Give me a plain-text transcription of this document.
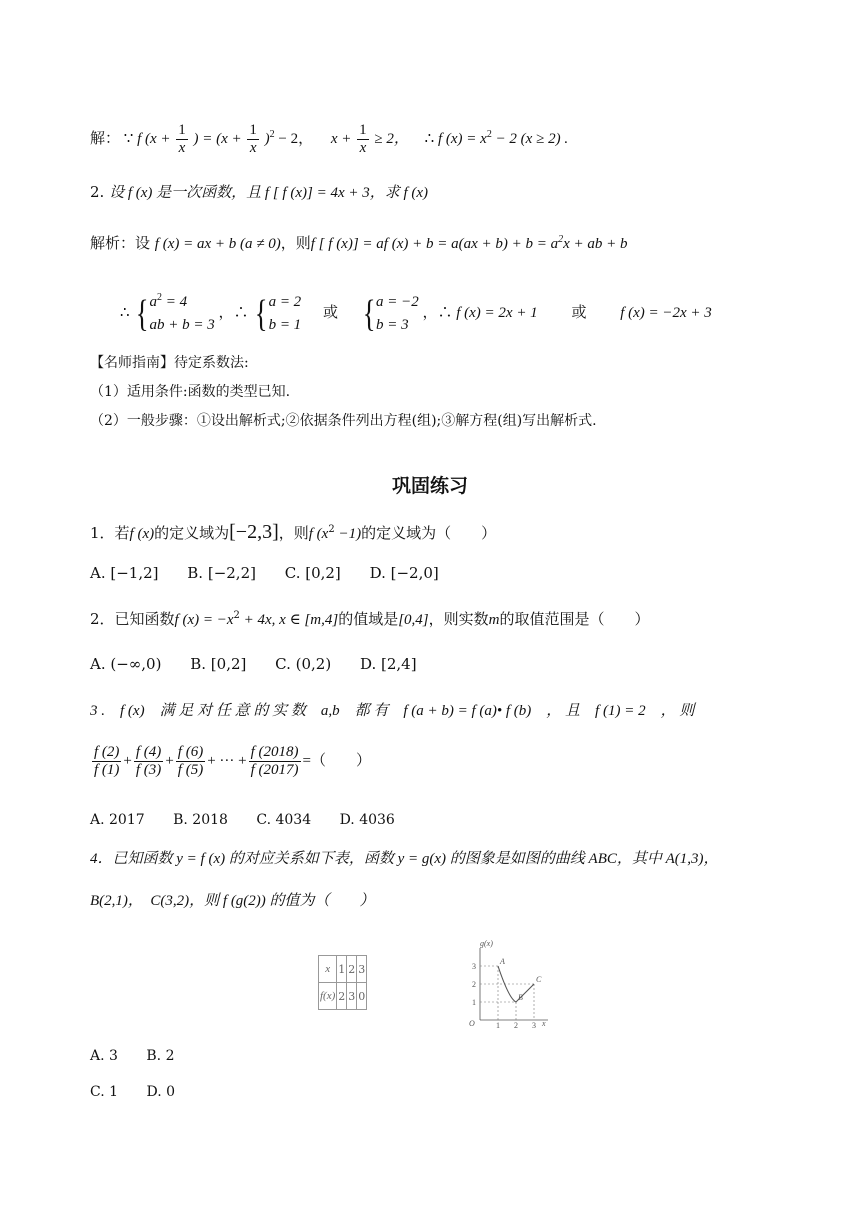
解： ∵ f ($x + \frac{1}{x}$ ) = $(x + \frac{1}{x} )^2 - 2$， $x + \frac{1}{x} \ge 2$， ∴ f $(x) = x^2 - 2$ (x ≥ 2) .
2. 设 f (x) 是一次函数，且 f [ f (x)] = 4x + 3，求 f (x)
解析：设 f (x) = ax + b (a ≠ 0)，则f [ f (x)] = af $(x) + b = a(ax + b) + b = a^2x$ + ab + b
∴ { $a^2 = 4$
ab + b = 3
，∴ { a = 2
b = 1
或 { a = −2
b = 3
，∴ f (x) = 2x + 1 或 f (x) = −2x + 3
【名师指南】待定系数法:
（1）适用条件:函数的类型已知.
（2）一般步骤：①设出解析式;②依据条件列出方程(组);③解方程(组)写出解析式.
巩固练习
1．若f (x)的定义域为[−2,3]，则f $(x^2 -1)$的定义域为（　　）
A. [−1,2] B. [−2,2] C. [0,2] D. [−2,0]
2．已知函数f $(x) = -x^2 + 4x$, x ∈ [m,4]的值域是[0,4]，则实数m的取值范围是（　　）
A. (−∞,0) B. [0,2] C. (0,2) D. [2,4]
3 .　f (x)　满 足 对 任 意 的 实 数　a,b　都 有　f (a + b) = f (a)• f (b)　， 且　f (1) = 2　， 则
$\frac{f (2)}{f (1)} + \frac{f (4)}{f (3)} + \frac{f (6)}{f (5)}$ + ··· + $\frac{f (2018)}{f (2017)}$ =（　　）
A. 2017 B. 2018 C. 4034 D. 4036
4．已知函数 y = f (x) 的对应关系如下表，函数 y = g(x) 的图象是如图的曲线 ABC，其中 A(1,3)，
B(2,1)，　C(3,2)，则 f (g(2)) 的值为（　　）
x	1	2	3
f(x)	2	3	0
g(x)
x
O	1 2 3
1
2
3
A
B
C
A. 3 B. 2
C. 1 D. 0
